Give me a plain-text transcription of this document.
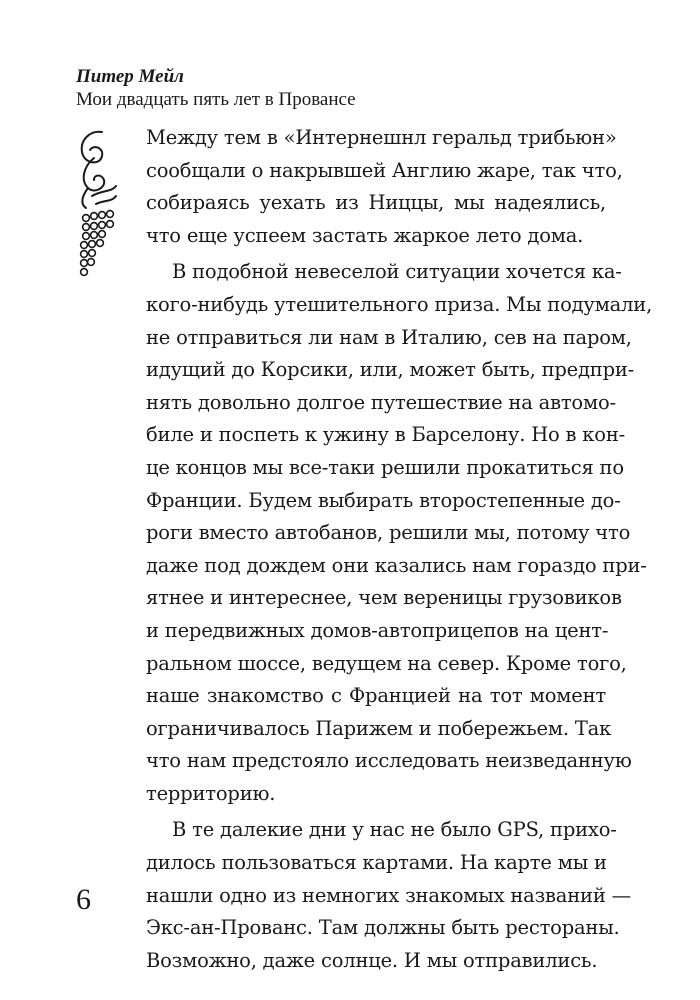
Питер Мейл
Мои двадцать пять лет в Провансе
Между тем в «Интернешнл геральд трибьюн»
сообщали о накрывшей Англию жаре, так что,
собираясь уехать из Ниццы, мы надеялись,
что еще успеем застать жаркое лето дома.
В подобной невеселой ситуации хочется ка-
кого-нибудь утешительного приза. Мы подумали,
не отправиться ли нам в Италию, сев на паром,
идущий до Корсики, или, может быть, предпри-
нять довольно долгое путешествие на автомо-
биле и поспеть к ужину в Барселону. Но в кон-
це концов мы все-таки решили прокатиться по
Франции. Будем выбирать второстепенные до-
роги вместо автобанов, решили мы, потому что
даже под дождем они казались нам гораздо при-
ятнее и интереснее, чем вереницы грузовиков
и передвижных домов-автоприцепов на цент-
ральном шоссе, ведущем на север. Кроме того,
наше знакомство с Францией на тот момент
ограничивалось Парижем и побережьем. Так
что нам предстояло исследовать неизведанную
территорию.
В те далекие дни у нас не было GPS, прихо-
дилось пользоваться картами. На карте мы и
нашли одно из немногих знакомых названий —
Экс-ан-Прованс. Там должны быть рестораны.
Возможно, даже солнце. И мы отправились.
6
